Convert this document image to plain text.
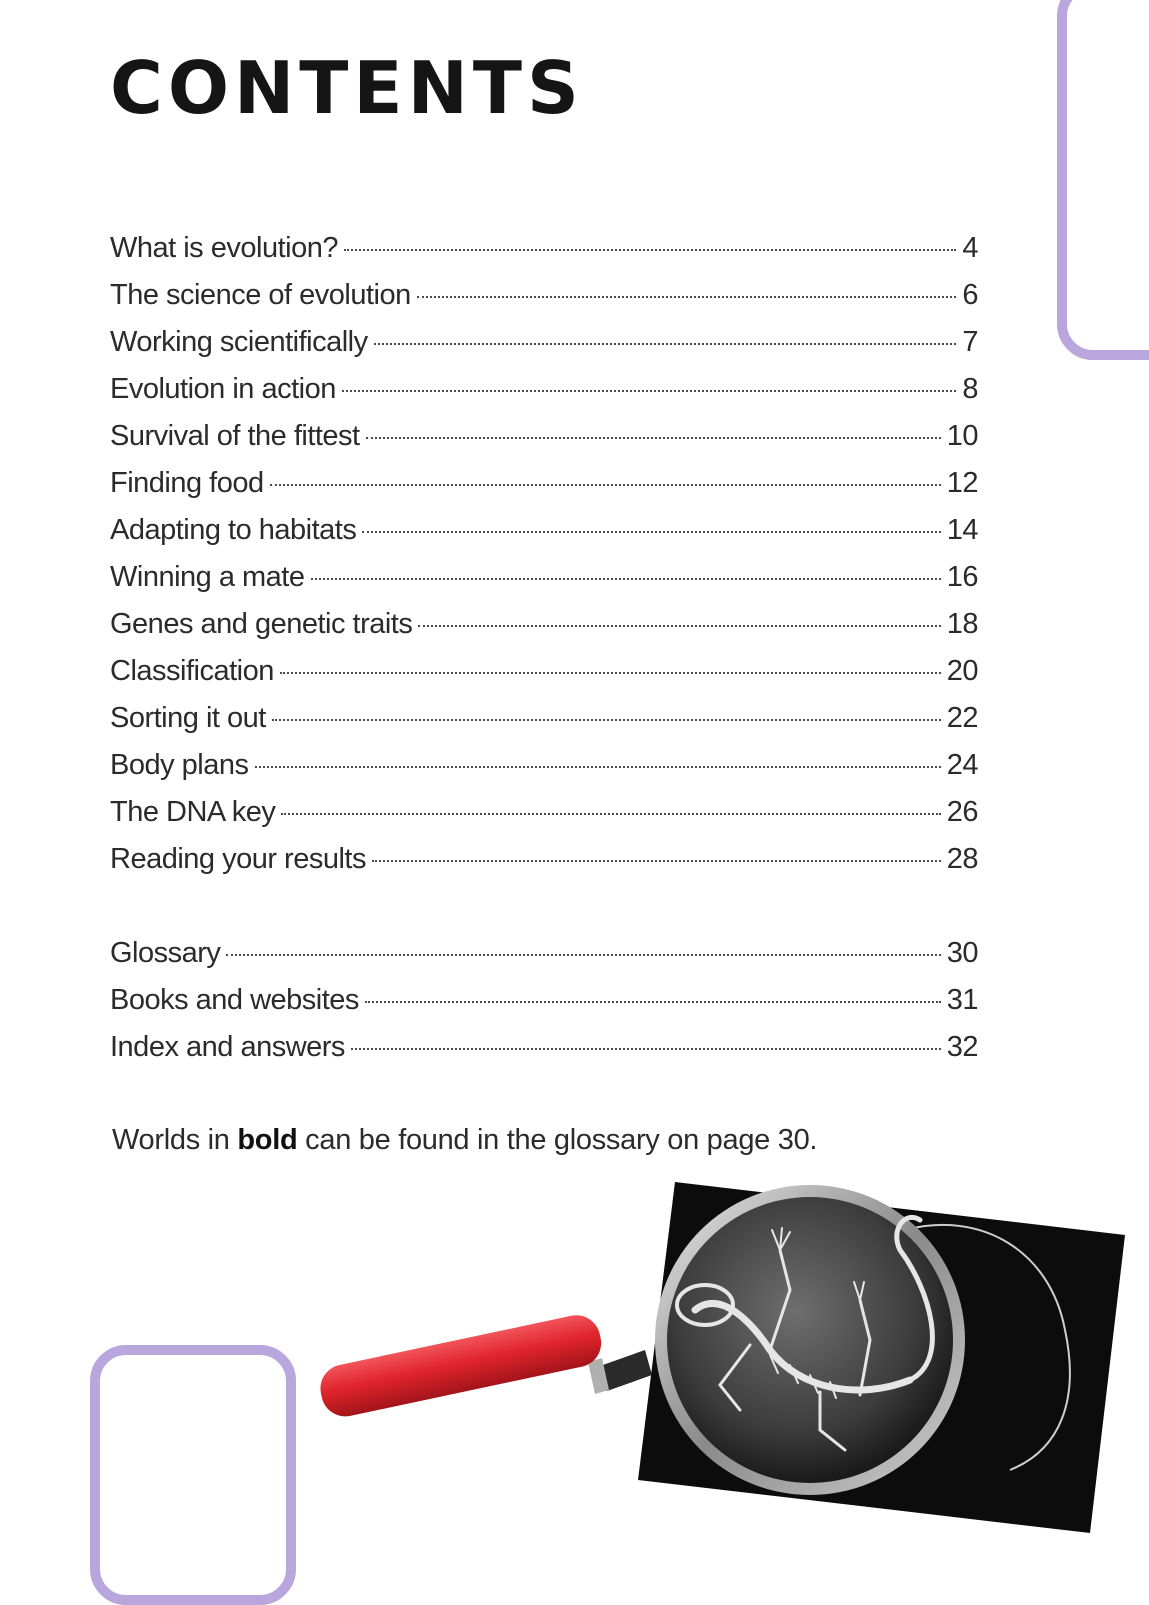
CONTENTS
What is evolution?	4
The science of evolution	6
Working scientifically	7
Evolution in action	8
Survival of the fittest	10
Finding food	12
Adapting to habitats	14
Winning a mate	16
Genes and genetic traits	18
Classification	20
Sorting it out	22
Body plans	24
The DNA key	26
Reading your results	28
Glossary	30
Books and websites	31
Index and answers	32

Worlds in bold can be found in the glossary on page 30.
